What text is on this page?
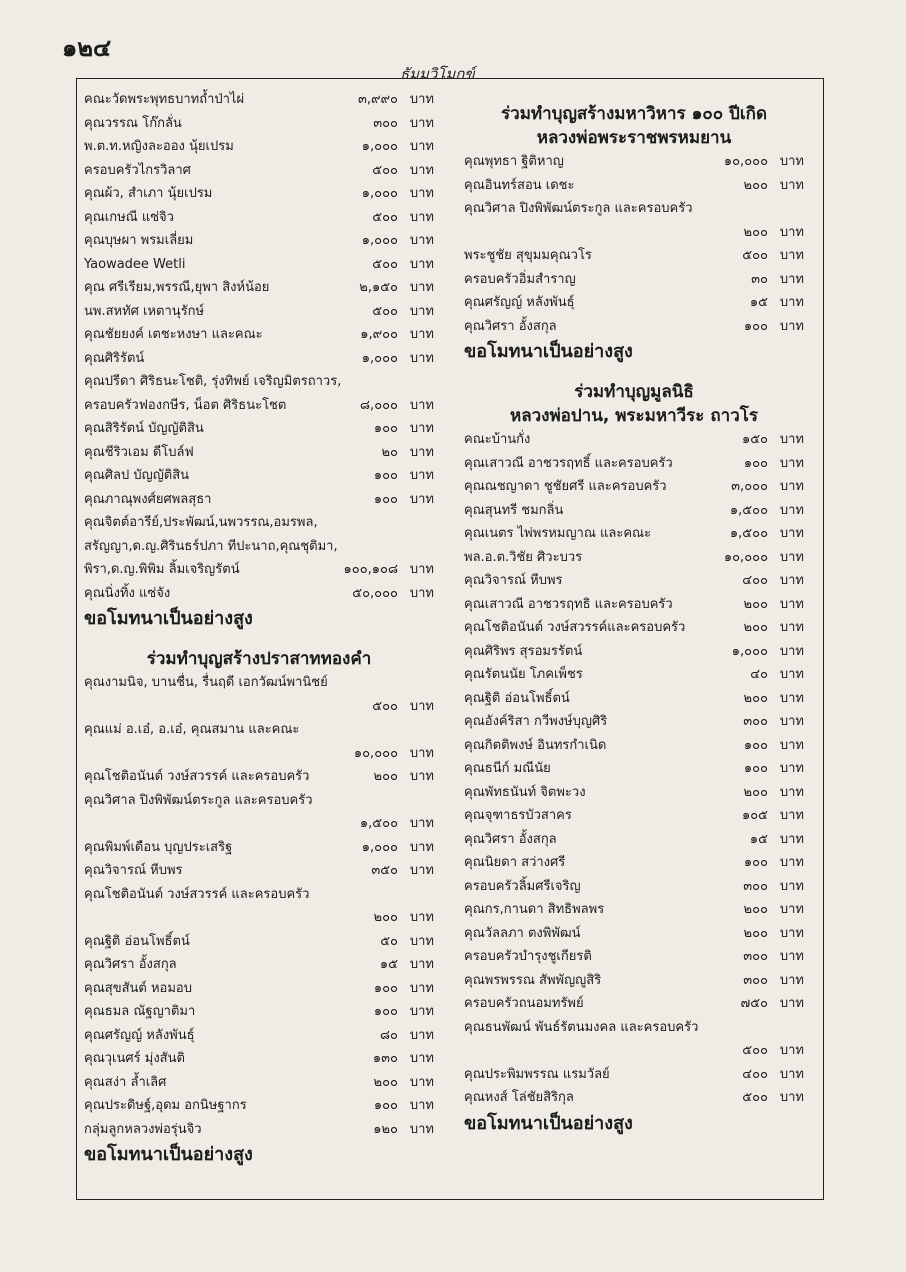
๑๒๔
ธัมมวิโมกข์
คณะวัดพระพุทธบาทถ้ำป่าไผ่	๓,๙๙๐ บาท
คุณวรรณ โก๊กลั่น	๓๐๐ บาท
พ.ต.ท.หญิงละออง นุ้ยเปรม	๑,๐๐๐ บาท
ครอบครัวไกรวิลาศ	๕๐๐ บาท
คุณผ้ว, สำเภา นุ้ยเปรม	๑,๐๐๐ บาท
คุณเกษณี แซ่จิว	๕๐๐ บาท
คุณบุษผา พรมเลี่ยม	๑,๐๐๐ บาท
Yaowadee Wetli	๕๐๐ บาท
คุณ ศรีเรียม,พรรณี,ยุพา สิงห์น้อย	๒,๑๕๐ บาท
นพ.สหทัศ เหตานุรักษ์	๕๐๐ บาท
คุณชัยยงค์ เตชะหงษา และคณะ	๑,๙๐๐ บาท
คุณศิริรัตน์	๑,๐๐๐ บาท
คุณปรีดา ศิริธนะโชติ, รุ่งทิพย์ เจริญมิตรถาวร,
ครอบครัวฟองกษีร, น็อต ศิริธนะโชต	๘,๐๐๐ บาท
คุณสิริรัตน์ บัญญัติสิน	๑๐๐ บาท
คุณชีริวเอม ดีโบล์ฟ	๒๐ บาท
คุณศิลป บัญญัติสิน	๑๐๐ บาท
คุณภาณุพงศ์ยศพลสุธา	๑๐๐ บาท
คุณจิตต์อารีย์,ประพัฒน์,นพวรรณ,อมรพล,
สรัญญา,ด.ญ.ศิรินธร์ปภา ทีปะนาถ,คุณชุติมา,
พิรา,ด.ญ.พิพิม ลิ้มเจริญรัตน์	๑๐๐,๑๐๘ บาท
คุณนิ่งทิ้ง แซ่จัง	๕๐,๐๐๐ บาท
ขอโมทนาเป็นอย่างสูง
ร่วมทำบุญสร้างปราสาททองคำ
คุณงามนิจ, บานชื่น, รื่นฤดี เอกวัฒน์พานิชย์
๕๐๐ บาท
คุณแม่ อ.เอ๋, อ.เอ๋, คุณสมาน และคณะ
๑๐,๐๐๐ บาท
คุณโชติอนันต์ วงษ์สวรรค์ และครอบครัว	๒๐๐ บาท
คุณวิศาล ปิงพิพัฒน์ตระกูล และครอบครัว
๑,๕๐๐ บาท
คุณพิมพ์เดือน บุญประเสริฐ	๑,๐๐๐ บาท
คุณวิจารณ์ หีบพร	๓๕๐ บาท
คุณโชติอนันต์ วงษ์สวรรค์ และครอบครัว
๒๐๐ บาท
คุณฐิติ อ่อนโพธิ์ตน์	๕๐ บาท
คุณวิศรา อั้งสกุล	๑๕ บาท
คุณสุขสันต์ หอมอบ	๑๐๐ บาท
คุณธมล ณัฐญาติมา	๑๐๐ บาท
คุณศรัญญ์ หลังพันธุ์	๘๐ บาท
คุณวุเนศร์ มุ่งสันติ	๑๓๐ บาท
คุณสง่า ล้ำเลิศ	๒๐๐ บาท
คุณประดิษฐ์,อุดม อกนิษฐากร	๑๐๐ บาท
กลุ่มลูกหลวงพ่อรุ่นจิว	๑๒๐ บาท
ขอโมทนาเป็นอย่างสูง
ร่วมทำบุญสร้างมหาวิหาร ๑๐๐ ปีเกิด
หลวงพ่อพระราชพรหมยาน
คุณพุทธา ฐิติหาญ	๑๐,๐๐๐ บาท
คุณอินทร์สอน เดชะ	๒๐๐ บาท
คุณวิศาล ปิงพิพัฒน์ตระกูล และครอบครัว
๒๐๐ บาท
พระชูชัย สุขุมมคุณวโร	๕๐๐ บาท
ครอบครัวอิ่มสำราญ	๓๐ บาท
คุณศรัญญ์ หลังพันธุ์	๑๕ บาท
คุณวิศรา อั้งสกุล	๑๐๐ บาท
ขอโมทนาเป็นอย่างสูง
ร่วมทำบุญมูลนิธิ
หลวงพ่อปาน, พระมหาวีระ ถาวโร
คณะบ้านกั่ง	๑๕๐ บาท
คุณเสาวณี อาชวรฤทธิ์ และครอบครัว	๑๐๐ บาท
คุณณชญาดา ชูชัยศรี และครอบครัว	๓,๐๐๐ บาท
คุณสุนทรี ชมกลิ่น	๑,๕๐๐ บาท
คุณเนตร ไพ่พรหมญาณ และคณะ	๑,๕๐๐ บาท
พล.อ.ต.วิชัย ศิวะบวร	๑๐,๐๐๐ บาท
คุณวิจารณ์ หีบพร	๔๐๐ บาท
คุณเสาวณี อาชวรฤทธิ และครอบครัว	๒๐๐ บาท
คุณโชติอนันต์ วงษ์สวรรค์และครอบครัว	๒๐๐ บาท
คุณศิริพร สุรอมรรัตน์	๑,๐๐๐ บาท
คุณรัตนนัย โภคเพ็ชร	๔๐ บาท
คุณฐิติ อ่อนโพธิ์ตน์	๒๐๐ บาท
คุณอังค์ริสา กวีพงษ์บุญศิริ	๓๐๐ บาท
คุณกิตติพงษ์ อินทรกำเนิด	๑๐๐ บาท
คุณธนีก์ มณีนัย	๑๐๐ บาท
คุณพัทธนันท์ จิตพะวง	๒๐๐ บาท
คุณจุฑาธรบัวสาคร	๑๐๕ บาท
คุณวิศรา อั้งสกุล	๑๕ บาท
คุณนิยดา สว่างศรี	๑๐๐ บาท
ครอบครัวลิ้มศรีเจริญ	๓๐๐ บาท
คุณกร,กานดา สิทธิพลพร	๒๐๐ บาท
คุณวัลลภา ตงพิพัฒน์	๒๐๐ บาท
ครอบครัวบำรุงชูเกียรติ	๓๐๐ บาท
คุณพรพรรณ สัพพัญญูสิริ	๓๐๐ บาท
ครอบครัวถนอมทรัพย์	๗๕๐ บาท
คุณธนพัฒน์ พันธ์รัตนมงคล และครอบครัว
๕๐๐ บาท
คุณประพิมพรรณ แรมวัลย์	๔๐๐ บาท
คุณหงส์ โล่ชัยสิริกุล	๕๐๐ บาท
ขอโมทนาเป็นอย่างสูง
